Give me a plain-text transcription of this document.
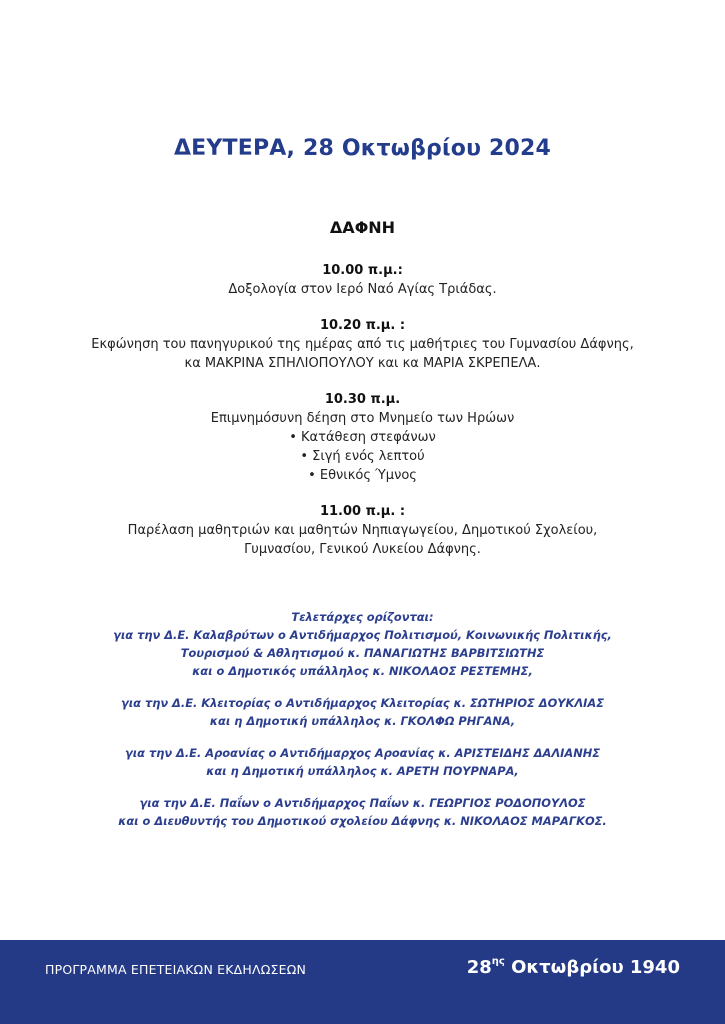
ΔΕΥΤΕΡΑ, 28 Οκτωβρίου 2024
ΔΑΦΝΗ
10.00 π.μ.:
Δοξολογία στον Ιερό Ναό Αγίας Τριάδας.
10.20 π.μ. :
Εκφώνηση του πανηγυρικού της ημέρας από τις μαθήτριες του Γυμνασίου Δάφνης,
κα ΜΑΚΡΙΝΑ ΣΠΗΛΙΟΠΟΥΛΟΥ και κα ΜΑΡΙΑ ΣΚΡΕΠΕΛΑ.
10.30 π.μ.
Επιμνημόσυνη δέηση στο Μνημείο των Ηρώων
• Κατάθεση στεφάνων
• Σιγή ενός λεπτού
• Εθνικός Ύμνος
11.00 π.μ. :
Παρέλαση μαθητριών και μαθητών Νηπιαγωγείου, Δημοτικού Σχολείου,
Γυμνασίου, Γενικού Λυκείου Δάφνης.
Τελετάρχες ορίζονται:
για την Δ.Ε. Καλαβρύτων ο Αντιδήμαρχος Πολιτισμού, Κοινωνικής Πολιτικής,
Τουρισμού & Αθλητισμού κ. ΠΑΝΑΓΙΩΤΗΣ ΒΑΡΒΙΤΣΙΩΤΗΣ
και ο Δημοτικός υπάλληλος κ. ΝΙΚΟΛΑΟΣ ΡΕΣΤΕΜΗΣ,
για την Δ.Ε. Κλειτορίας ο Αντιδήμαρχος Κλειτορίας κ. ΣΩΤΗΡΙΟΣ ΔΟΥΚΛΙΑΣ
και η Δημοτική υπάλληλος κ. ΓΚΟΛΦΩ ΡΗΓΑΝΑ,
για την Δ.Ε. Αροανίας ο Αντιδήμαρχος Αροανίας κ. ΑΡΙΣΤΕΙΔΗΣ ΔΑΛΙΑΝΗΣ
και η Δημοτική υπάλληλος κ. ΑΡΕΤΗ ΠΟΥΡΝΑΡΑ,
για την Δ.Ε. Παΐων ο Αντιδήμαρχος Παΐων κ. ΓΕΩΡΓΙΟΣ ΡΟΔΟΠΟΥΛΟΣ
και ο Διευθυντής του Δημοτικού σχολείου Δάφνης κ. ΝΙΚΟΛΑΟΣ ΜΑΡΑΓΚΟΣ.
ΠΡΟΓΡΑΜΜΑ ΕΠΕΤΕΙΑΚΩΝ ΕΚΔΗΛΩΣΕΩΝ	$28^{\eta\varsigma}$ Οκτωβρίου 1940
